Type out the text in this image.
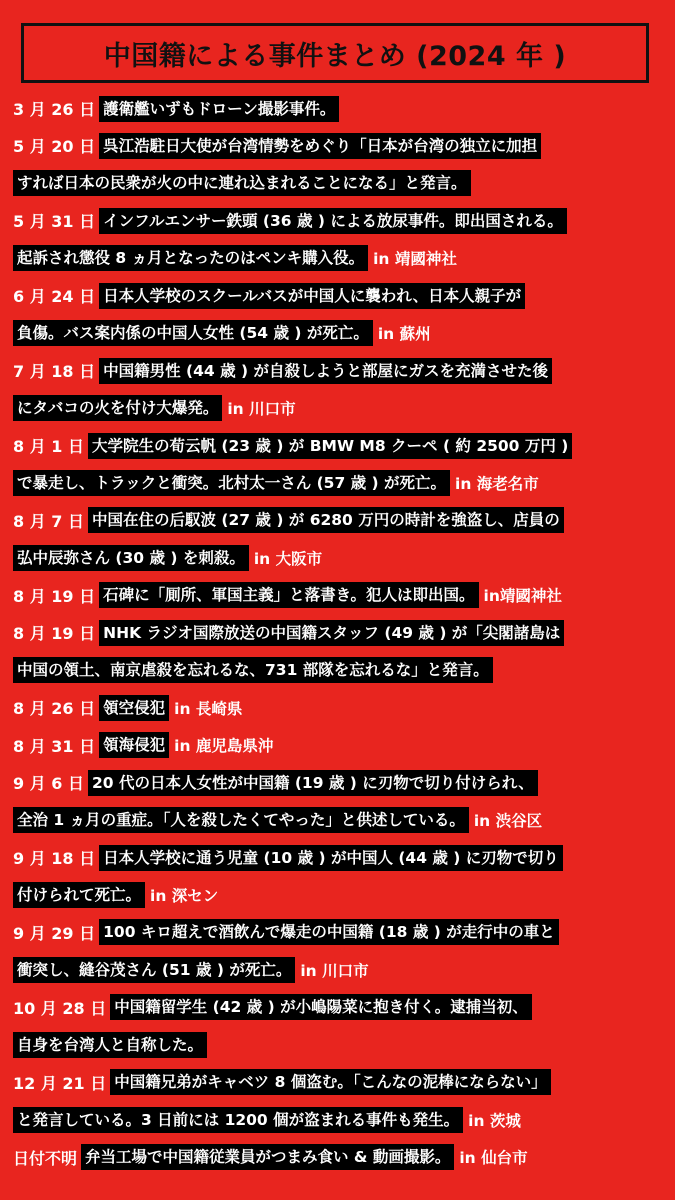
中国籍による事件まとめ (2024 年 )
3 月 26 日 護衛艦いずもドローン撮影事件。
5 月 20 日 呉江浩駐日大使が台湾情勢をめぐり「日本が台湾の独立に加担
すれば日本の民衆が火の中に連れ込まれることになる」と発言。
5 月 31 日 インフルエンサー鉄頭 (36 歳 ) による放尿事件。即出国される。
起訴され懲役 8 ヵ月となったのはペンキ購入役。 in 靖國神社
6 月 24 日 日本人学校のスクールバスが中国人に襲われ、日本人親子が
負傷。バス案内係の中国人女性 (54 歳 ) が死亡。 in 蘇州
7 月 18 日 中国籍男性 (44 歳 ) が自殺しようと部屋にガスを充満させた後
にタバコの火を付け大爆発。 in 川口市
8 月 1 日 大学院生の荀云帆 (23 歳 ) が BMW M8 クーペ ( 約 2500 万円 )
で暴走し、トラックと衝突。北村太一さん (57 歳 ) が死亡。 in 海老名市
8 月 7 日 中国在住の后馭波 (27 歳 ) が 6280 万円の時計を強盗し、店員の
弘中辰弥さん (30 歳 ) を刺殺。 in 大阪市
8 月 19 日 石碑に「厠所、軍国主義」と落書き。犯人は即出国。 in靖國神社
8 月 19 日 NHK ラジオ国際放送の中国籍スタッフ (49 歳 ) が「尖閣諸島は
中国の領土、南京虐殺を忘れるな、731 部隊を忘れるな」と発言。
8 月 26 日 領空侵犯 in 長崎県
8 月 31 日 領海侵犯 in 鹿児島県沖
9 月 6 日 20 代の日本人女性が中国籍 (19 歳 ) に刃物で切り付けられ、
全治 1 ヵ月の重症。「人を殺したくてやった」と供述している。 in 渋谷区
9 月 18 日 日本人学校に通う児童 (10 歳 ) が中国人 (44 歳 ) に刃物で切り
付けられて死亡。 in 深セン
9 月 29 日 100 キロ超えで酒飲んで爆走の中国籍 (18 歳 ) が走行中の車と
衝突し、縫谷茂さん (51 歳 ) が死亡。 in 川口市
10 月 28 日 中国籍留学生 (42 歳 ) が小嶋陽菜に抱き付く。逮捕当初、
自身を台湾人と自称した。
12 月 21 日 中国籍兄弟がキャベツ 8 個盗む。「こんなの泥棒にならない」
と発言している。3 日前には 1200 個が盗まれる事件も発生。 in 茨城
日付不明 弁当工場で中国籍従業員がつまみ食い & 動画撮影。 in 仙台市
